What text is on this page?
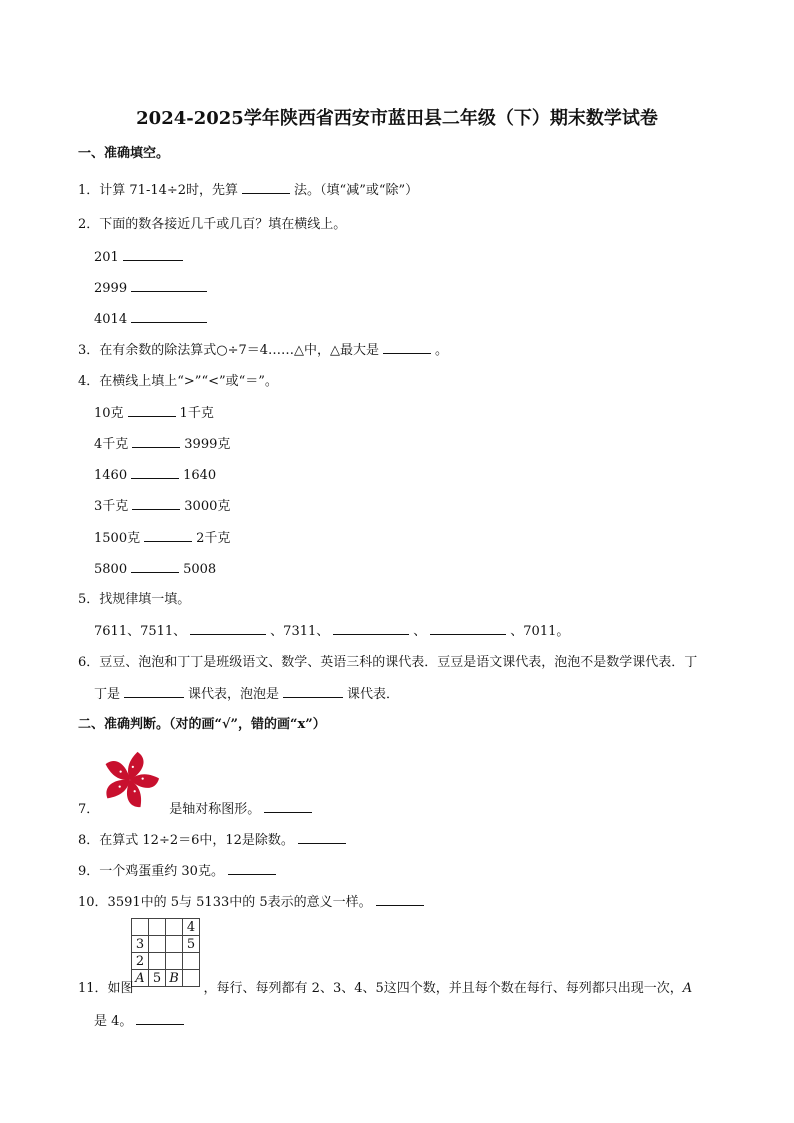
2024-2025学年陕西省西安市蓝田县二年级（下）期末数学试卷
一、准确填空。
1．计算 71-14÷2时，先算	法。（填“减”或“除”）
2．下面的数各接近几千或几百？填在横线上。
201
2999
4014
3．在有余数的除法算式○÷7＝4……△中，△最大是	。
4．在横线上填上“>”“<”或“＝”。
10克	1千克
4千克	3999克
1460	1640
3千克	3000克
1500克	2千克
5800	5008
5．找规律填一填。
7611、7511、	、7311、	、	、7011。
6．豆豆、泡泡和丁丁是班级语文、数学、英语三科的课代表．豆豆是语文课代表，泡泡不是数学课代表．丁
丁是	课代表，泡泡是	课代表．
二、准确判断。（对的画“√”，错的画“x”）
7．	是轴对称图形。
8．在算式 12÷2＝6中，12是除数。
9．一个鸡蛋重约 30克。
10．3591中的 5与 5133中的 5表示的意义一样。
			4
3			5
2			
A	5	B	
11．如图	，每行、每列都有 2、3、4、5这四个数，并且每个数在每行、每列都只出现一次，A
是 4。
